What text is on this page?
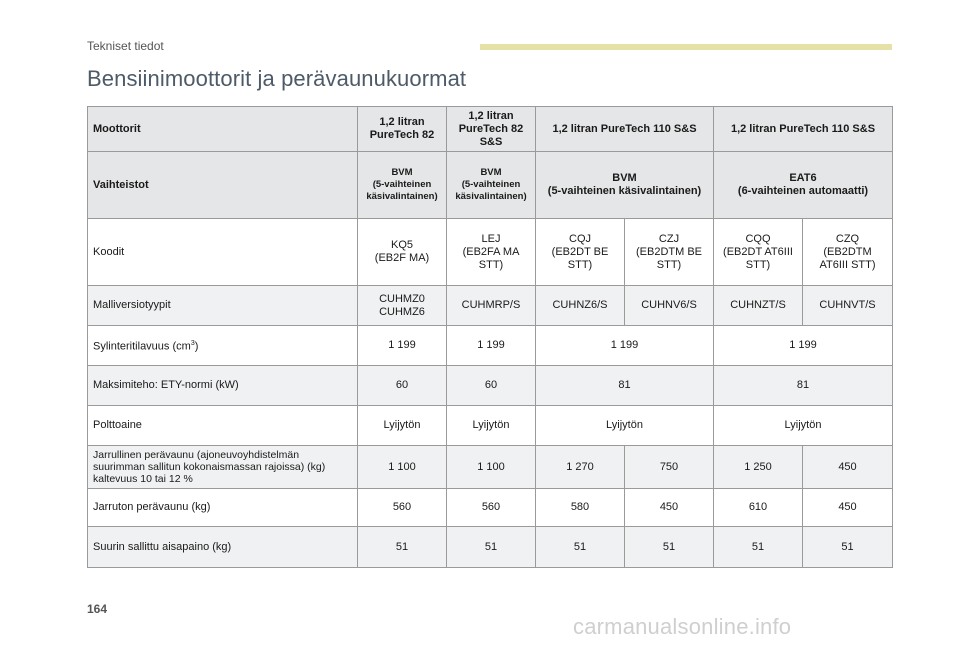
Tekniset tiedot
Bensiinimoottorit ja perävaunukuormat
Moottorit	1,2 litran
PureTech 82	1,2 litran
PureTech 82
S&S	1,2 litran PureTech 110 S&S		1,2 litran PureTech 110 S&S	
Vaihteistot	BVM
(5-vaihteinen
käsivalintainen)	BVM
(5-vaihteinen
käsivalintainen)	BVM
(5-vaihteinen käsivalintainen)		EAT6
(6-vaihteinen automaatti)	

Koodit	KQ5
(EB2F MA)	LEJ
(EB2FA MA
STT)	CQJ
(EB2DT BE
STT)	CZJ
(EB2DTM BE
STT)	CQQ
(EB2DT AT6III
STT)	CZQ
(EB2DTM
AT6III STT)

Malliversiotyypit	CUHMZ0
CUHMZ6	CUHMRP/S	CUHNZ6/S	CUHNV6/S	CUHNZT/S	CUHNVT/S
Sylinteritilavuus $(cm^3)$	1 199	1 199	1 199		1 199	
Maksimiteho: ETY-normi (kW)	60	60	81		81	
Polttoaine	Lyijytön	Lyijytön	Lyijytön		Lyijytön	

Jarrullinen perävaunu (ajoneuvoyhdistelmän
suurimman sallitun kokonaismassan rajoissa) (kg)
kaltevuus 10 tai 12 %	1 100	1 100	1 270	750	1 250	450
Jarruton perävaunu (kg)	560	560	580	450	610	450
Suurin sallittu aisapaino (kg)	51	51	51	51	51	51
164
carmanualsonline.info
